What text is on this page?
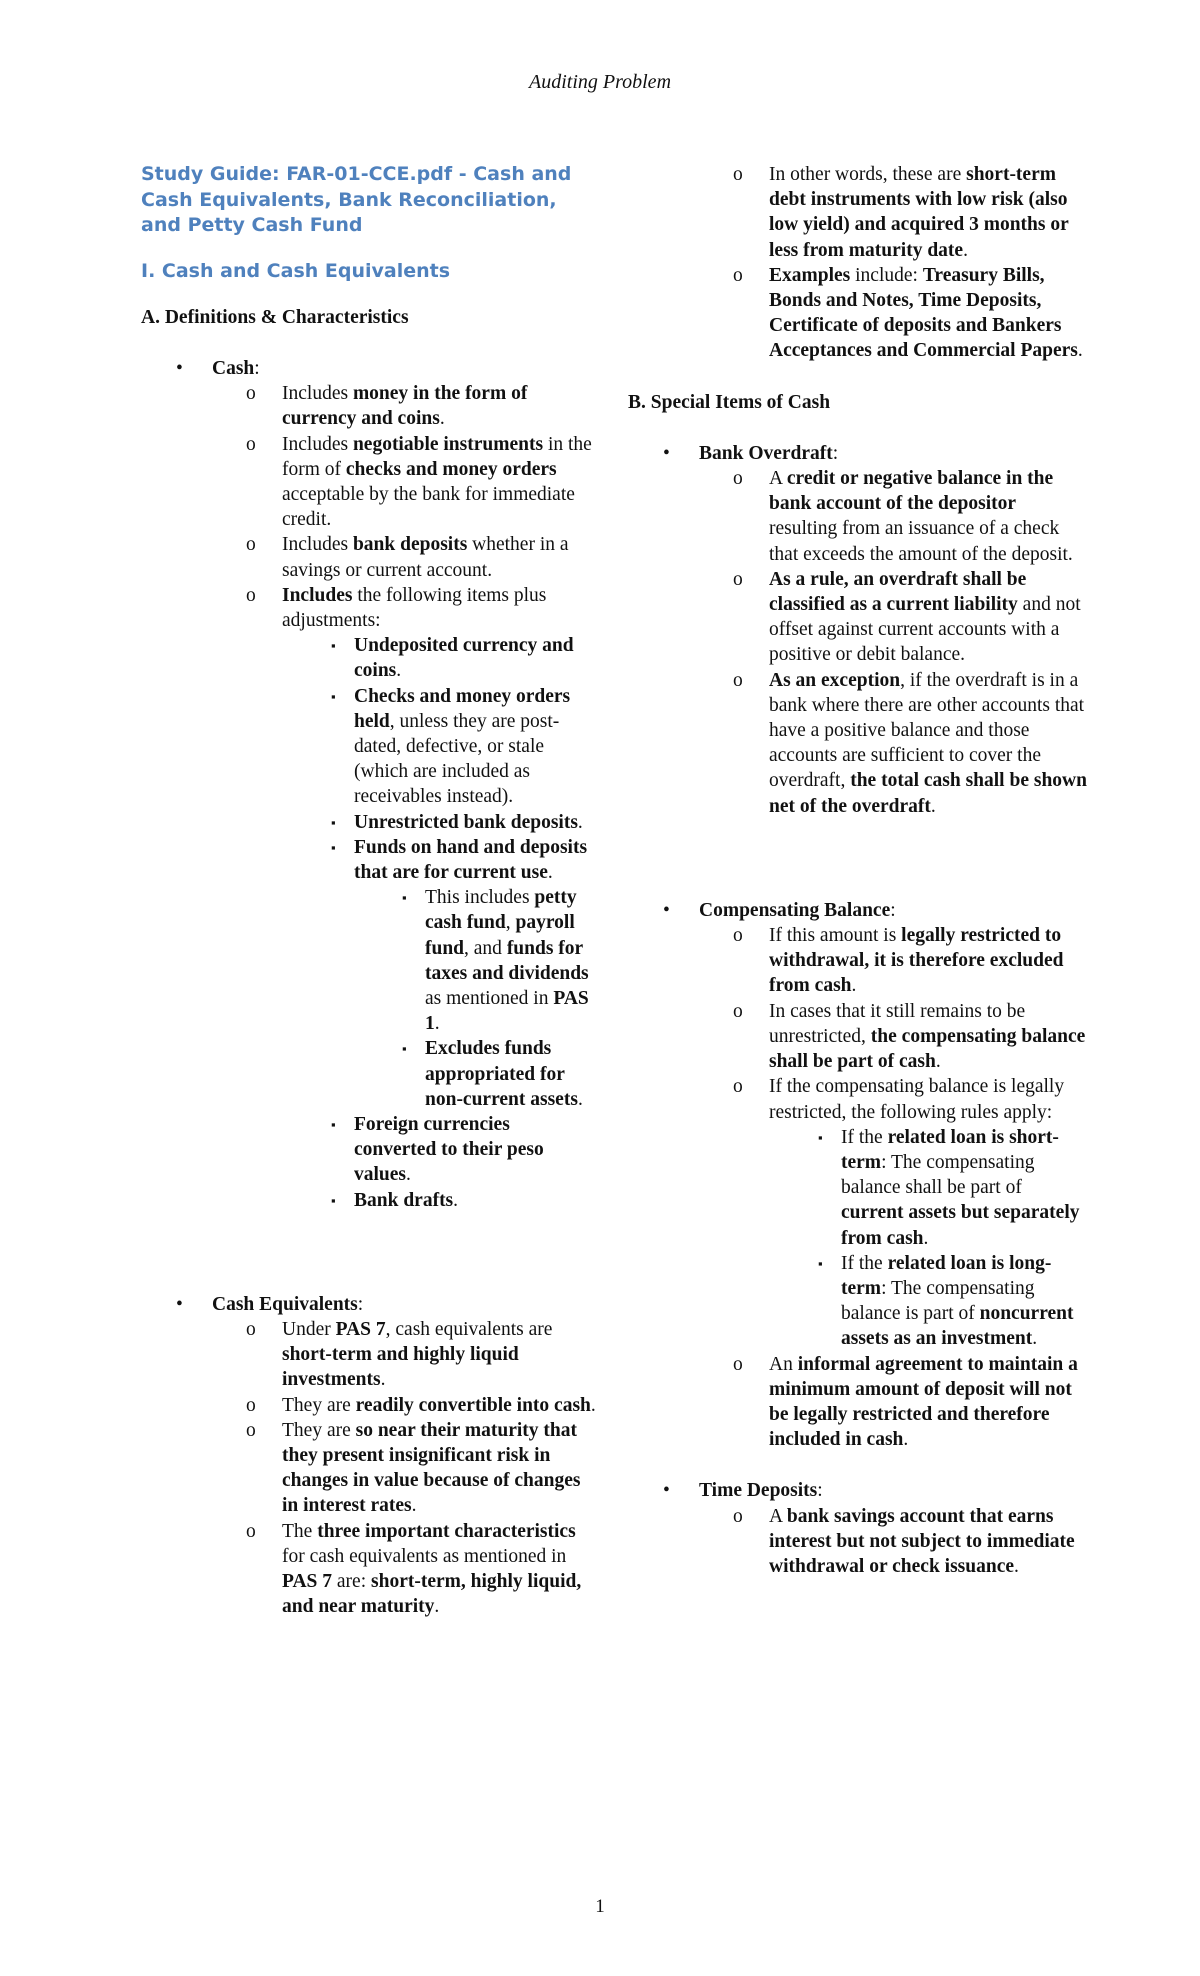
Auditing Problem

Study Guide: FAR-01-CCE.pdf - Cash and Cash Equivalents, Bank Reconciliation, and Petty Cash Fund

I. Cash and Cash Equivalents

A. Definitions & Characteristics

• Cash:
o Includes money in the form of currency and coins.
o Includes negotiable instruments in the form of checks and money orders acceptable by the bank for immediate credit.
o Includes bank deposits whether in a savings or current account.
o Includes the following items plus adjustments:
▪ Undeposited currency and coins.
▪ Checks and money orders held, unless they are post-dated, defective, or stale (which are included as receivables instead).
▪ Unrestricted bank deposits.
▪ Funds on hand and deposits that are for current use.
▪ This includes petty cash fund, payroll fund, and funds for taxes and dividends as mentioned in PAS 1.
▪ Excludes funds appropriated for non-current assets.
▪ Foreign currencies converted to their peso values.
▪ Bank drafts.
• Cash Equivalents:
o Under PAS 7, cash equivalents are short-term and highly liquid investments.
o They are readily convertible into cash.
o They are so near their maturity that they present insignificant risk in changes in value because of changes in interest rates.
o The three important characteristics for cash equivalents as mentioned in PAS 7 are: short-term, highly liquid, and near maturity.
o In other words, these are short-term debt instruments with low risk (also low yield) and acquired 3 months or less from maturity date.
o Examples include: Treasury Bills, Bonds and Notes, Time Deposits, Certificate of deposits and Bankers Acceptances and Commercial Papers.

B. Special Items of Cash

• Bank Overdraft:
o A credit or negative balance in the bank account of the depositor resulting from an issuance of a check that exceeds the amount of the deposit.
o As a rule, an overdraft shall be classified as a current liability and not offset against current accounts with a positive or debit balance.
o As an exception, if the overdraft is in a bank where there are other accounts that have a positive balance and those accounts are sufficient to cover the overdraft, the total cash shall be shown net of the overdraft.
• Compensating Balance:
o If this amount is legally restricted to withdrawal, it is therefore excluded from cash.
o In cases that it still remains to be unrestricted, the compensating balance shall be part of cash.
o If the compensating balance is legally restricted, the following rules apply:
▪ If the related loan is short-term: The compensating balance shall be part of current assets but separately from cash.
▪ If the related loan is long-term: The compensating balance is part of noncurrent assets as an investment.
o An informal agreement to maintain a minimum amount of deposit will not be legally restricted and therefore included in cash.
• Time Deposits:
o A bank savings account that earns interest but not subject to immediate withdrawal or check issuance.
1
